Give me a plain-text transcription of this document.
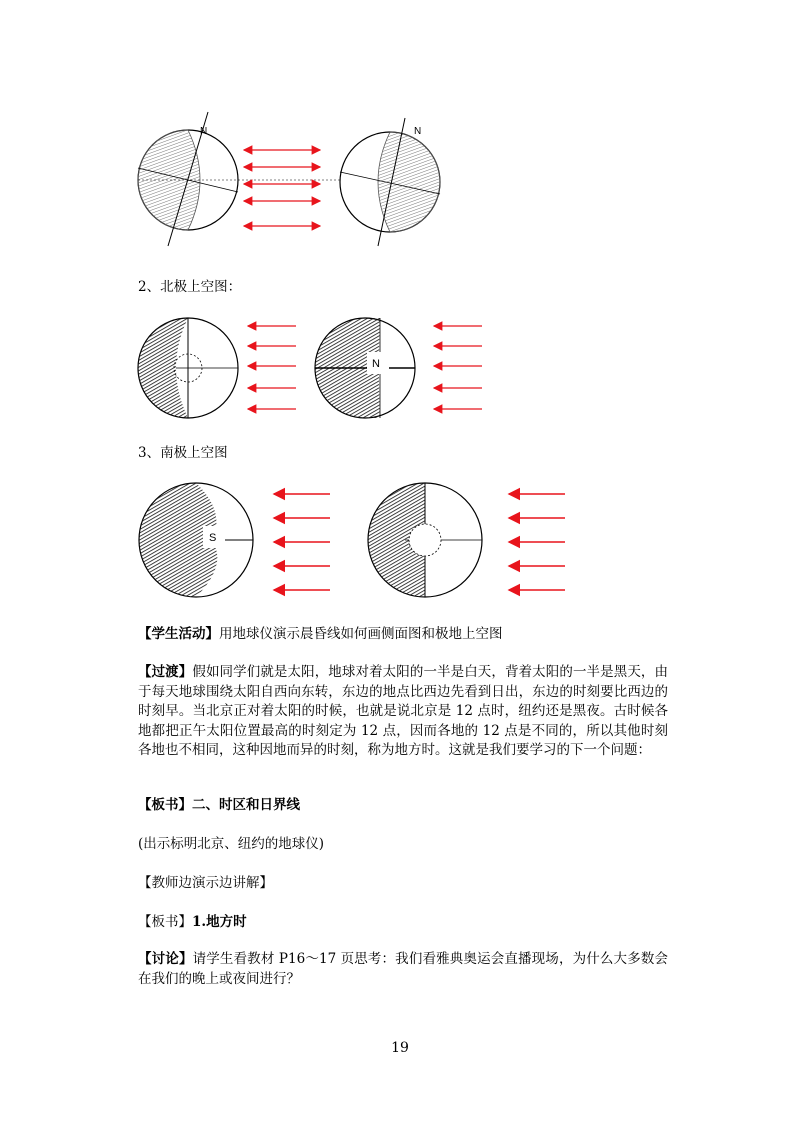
N	N
2、北极上空图：
N
3、南极上空图
S
【学生活动】用地球仪演示晨昏线如何画侧面图和极地上空图
【过渡】假如同学们就是太阳，地球对着太阳的一半是白天，背着太阳的一半是黑天，由于每天地球围绕太阳自西向东转，东边的地点比西边先看到日出，东边的时刻要比西边的时刻早。当北京正对着太阳的时候，也就是说北京是 12 点时，纽约还是黑夜。古时候各地都把正午太阳位置最高的时刻定为 12 点，因而各地的 12 点是不同的，所以其他时刻各地也不相同，这种因地而异的时刻，称为地方时。这就是我们要学习的下一个问题：
【板书】二、时区和日界线
(出示标明北京、纽约的地球仪)
【教师边演示边讲解】
【板书】1.地方时
【讨论】请学生看教材 P16～17 页思考：我们看雅典奥运会直播现场，为什么大多数会在我们的晚上或夜间进行？
19
